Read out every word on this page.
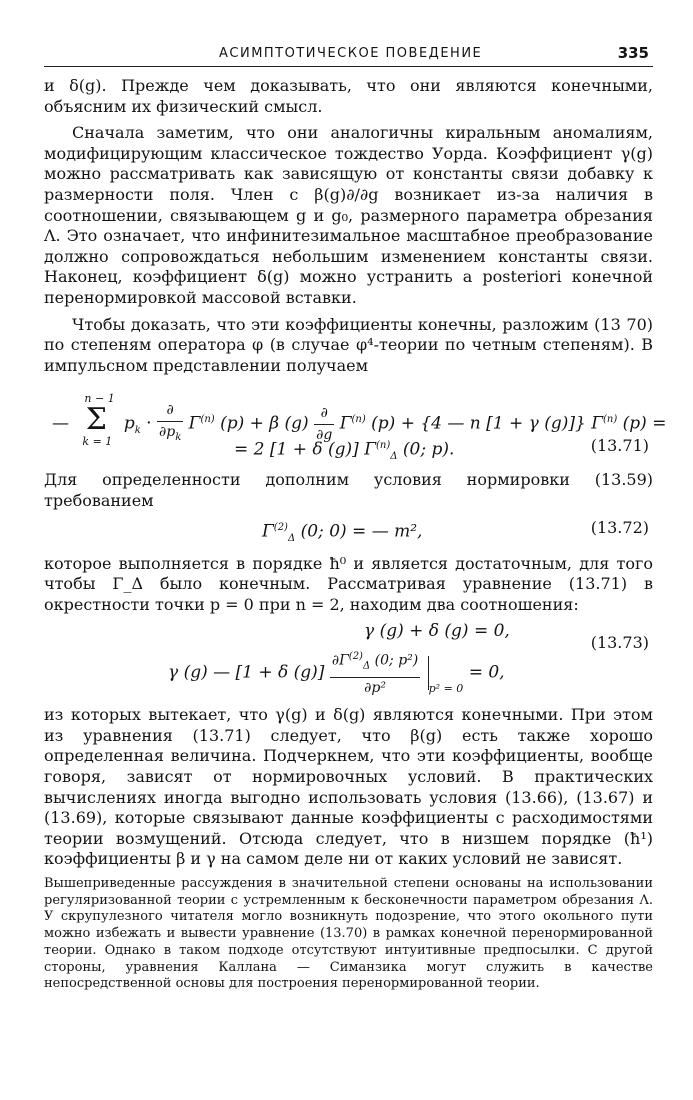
АСИМПТОТИЧЕСКОЕ ПОВЕДЕНИЕ	335

и δ(g). Прежде чем доказывать, что они являются конечными, объясним их физический смысл.

Сначала заметим, что они аналогичны киральным аномалиям, модифицирующим классическое тождество Уорда. Коэффициент γ(g) можно рассматривать как зависящую от константы связи добавку к размерности поля. Член с β(g)∂/∂g возникает из-за наличия в соотношении, связывающем g и g₀, размерного параметра обрезания Λ. Это означает, что инфинитезимальное масштабное преобразование должно сопровождаться небольшим изменением константы связи. Наконец, коэффициент δ(g) можно устранить a posteriori конечной перенормировкой массовой вставки.

Чтобы доказать, что эти коэффициенты конечны, разложим (13 70) по степеням оператора φ (в случае φ⁴-теории по четным степеням). В импульсном представлении получаем

—
n − 1
Σ
k = 1
$p_k \cdot \frac{\partial}{\partial p_k} \Gamma^{(n)}$ (p) + β $(g) \frac{\partial}{\partial g} \Gamma^{(n)}$ (p) + {4 — n [1 + γ (g)]} $\Gamma^{(n)}$ (p) =
= 2 [1 + δ (g)] $\Gamma^{(n)}_\Delta$ (0; p).	(13.71)

Для определенности дополним условия нормировки (13.59) требованием

$\Gamma^{(2)}_\Delta$ (0; 0) = — m²,	(13.72)

которое выполняется в порядке ħ⁰ и является достаточным, для того чтобы Γ_Δ было конечным. Рассматривая уравнение (13.71) в окрестности точки p = 0 при n = 2, находим два соотношения:

γ (g) + δ (g) = 0,
γ (g) — [1 + δ $(g)] \frac{\partial\Gamma^{(2)}_\Delta (0; p^2)}{\text{∂p²}} _{p^2 = 0} = 0$,
(13.73)

из которых вытекает, что γ(g) и δ(g) являются конечными. При этом из уравнения (13.71) следует, что β(g) есть также хорошо определенная величина. Подчеркнем, что эти коэффициенты, вообще говоря, зависят от нормировочных условий. В практических вычислениях иногда выгодно использовать условия (13.66), (13.67) и (13.69), которые связывают данные коэффициенты с расходимостями теории возмущений. Отсюда следует, что в низшем порядке (ħ¹) коэффициенты β и γ на самом деле ни от каких условий не зависят.

Вышеприведенные рассуждения в значительной степени основаны на использовании регуляризованной теории с устремленным к бесконечности параметром обрезания Λ. У скрупулезного читателя могло возникнуть подозрение, что этого окольного пути можно избежать и вывести уравнение (13.70) в рамках конечной перенормированной теории. Однако в таком подходе отсутствуют интуитивные предпосылки. С другой стороны, уравнения Каллана — Симанзика могут служить в качестве непосредственной основы для построения перенормированной теории.
